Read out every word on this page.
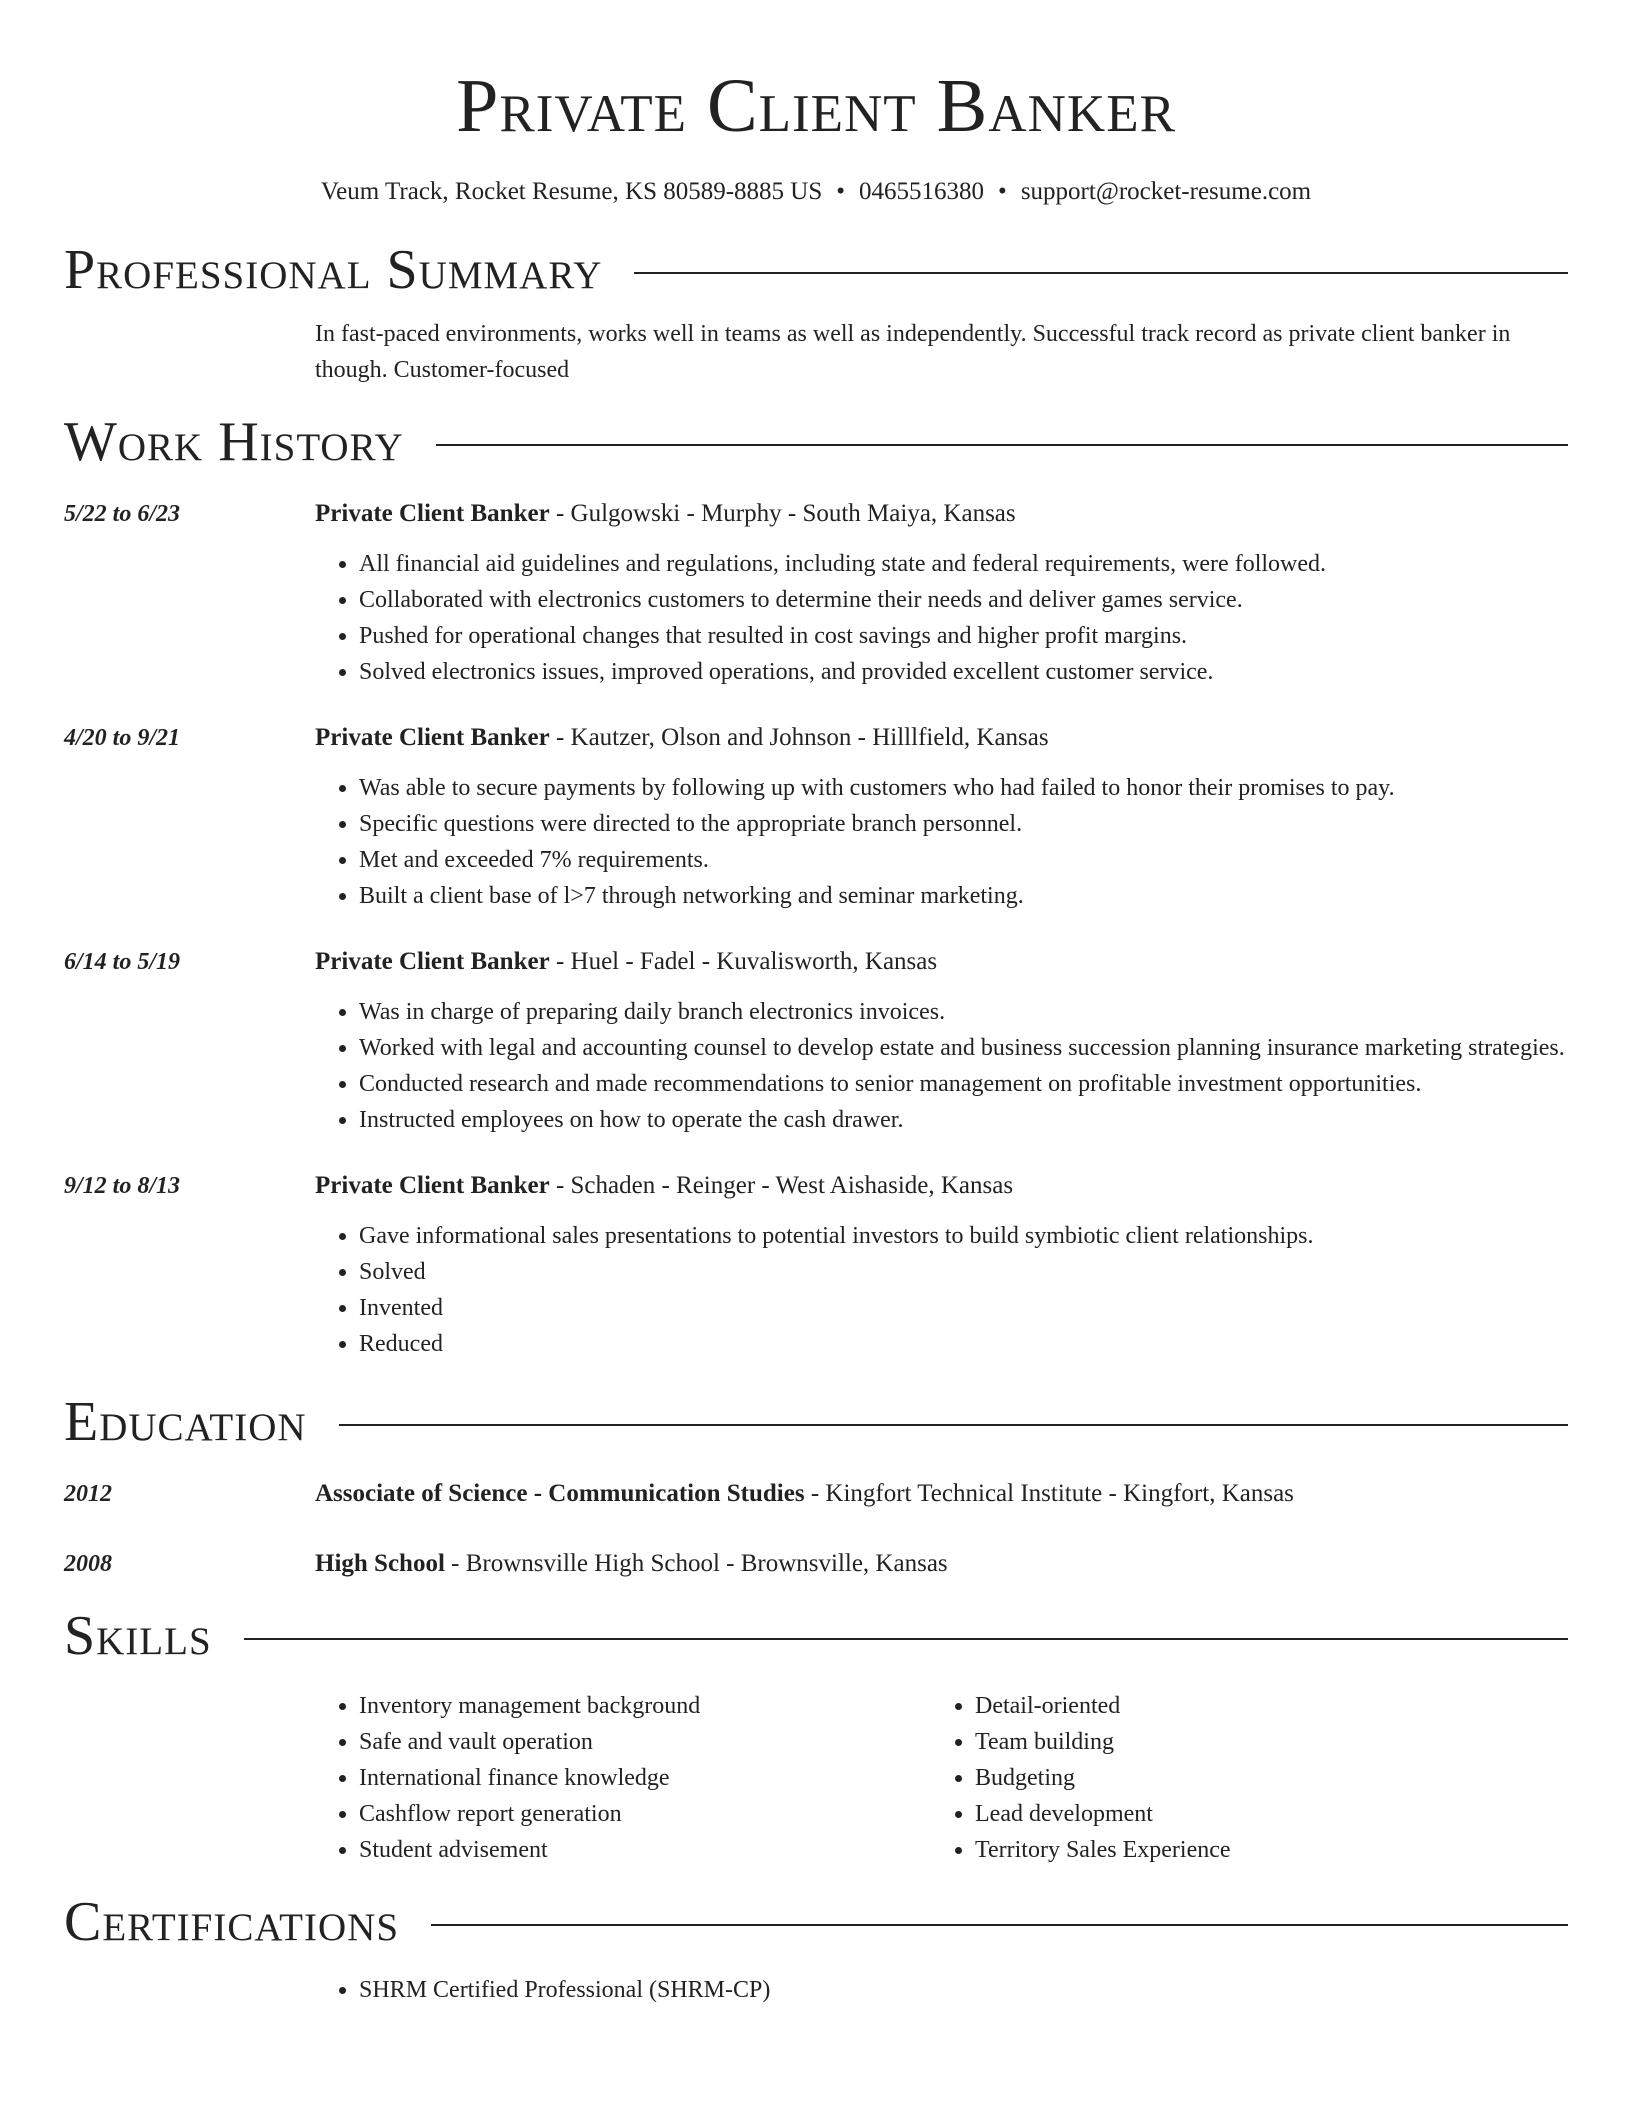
Private Client Banker
Veum Track, Rocket Resume, KS 80589-8885 US • 0465516380 • support@rocket-resume.com
Professional Summary
In fast-paced environments, works well in teams as well as independently. Successful track record as private client banker in though. Customer-focused
Work History
5/22 to 6/23	Private Client Banker - Gulgowski - Murphy - South Maiya, Kansas
• All financial aid guidelines and regulations, including state and federal requirements, were followed.
• Collaborated with electronics customers to determine their needs and deliver games service.
• Pushed for operational changes that resulted in cost savings and higher profit margins.
• Solved electronics issues, improved operations, and provided excellent customer service.
4/20 to 9/21	Private Client Banker - Kautzer, Olson and Johnson - Hilllfield, Kansas
• Was able to secure payments by following up with customers who had failed to honor their promises to pay.
• Specific questions were directed to the appropriate branch personnel.
• Met and exceeded 7% requirements.
• Built a client base of l>7 through networking and seminar marketing.
6/14 to 5/19	Private Client Banker - Huel - Fadel - Kuvalisworth, Kansas
• Was in charge of preparing daily branch electronics invoices.
• Worked with legal and accounting counsel to develop estate and business succession planning insurance marketing strategies.
• Conducted research and made recommendations to senior management on profitable investment opportunities.
• Instructed employees on how to operate the cash drawer.
9/12 to 8/13	Private Client Banker - Schaden - Reinger - West Aishaside, Kansas
• Gave informational sales presentations to potential investors to build symbiotic client relationships.
• Solved
• Invented
• Reduced
Education
2012	Associate of Science - Communication Studies - Kingfort Technical Institute - Kingfort, Kansas
2008	High School - Brownsville High School - Brownsville, Kansas
Skills
• Inventory management background
• Safe and vault operation
• International finance knowledge
• Cashflow report generation
• Student advisement
• Detail-oriented
• Team building
• Budgeting
• Lead development
• Territory Sales Experience
Certifications
• SHRM Certified Professional (SHRM-CP)
